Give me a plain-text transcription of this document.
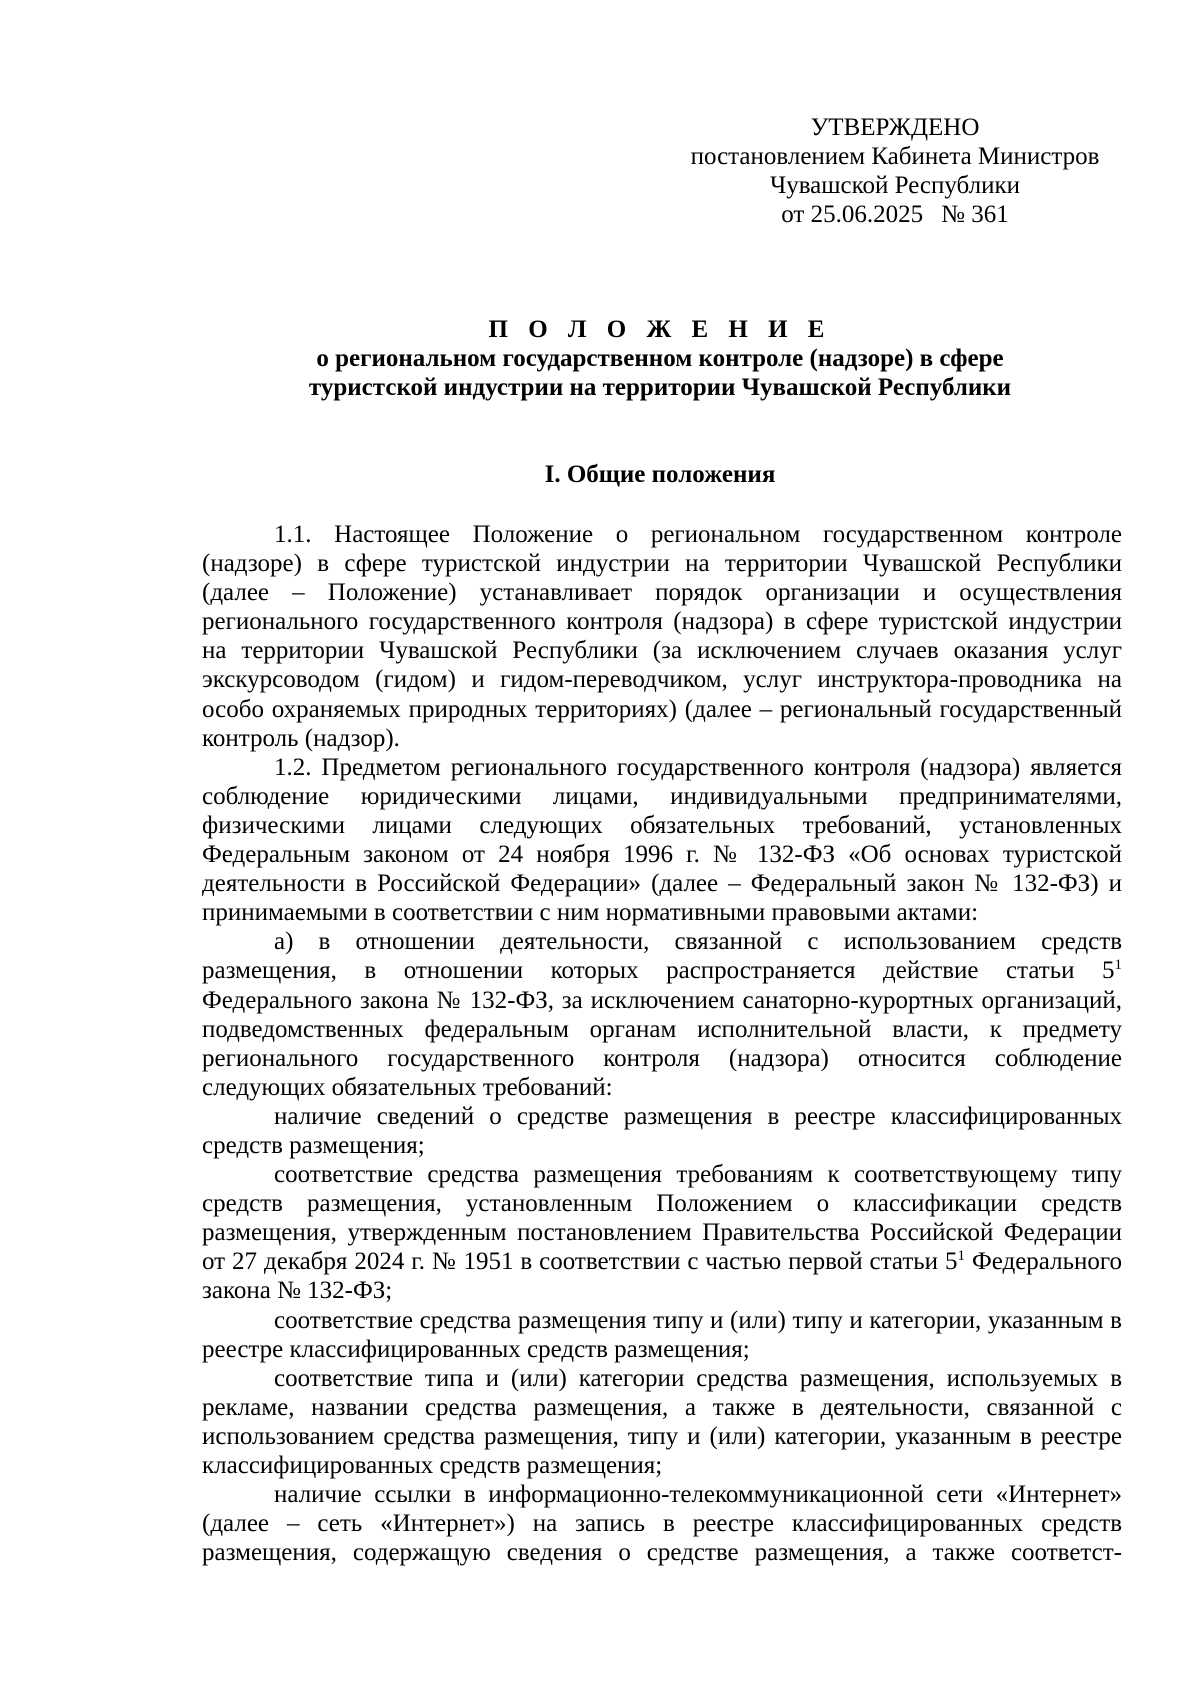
УТВЕРЖДЕНО
постановлением Кабинета Министров
Чувашской Республики
от 25.06.2025 № 361
П О Л О Ж Е Н И Е
о региональном государственном контроле (надзоре) в сфере
туристской индустрии на территории Чувашской Республики
I. Общие положения

1.1. Настоящее Положение о региональном государственном контроле (надзоре) в сфере туристской индустрии на территории Чувашской Республики (далее – Положение) устанавливает порядок организации и осуществления регионального государственного контроля (надзора) в сфере туристской индустрии на территории Чувашской Республики (за исключением случаев оказания услуг экскурсоводом (гидом) и гидом-переводчиком, услуг инструктора-проводника на особо охраняемых природных территориях) (далее – региональный государственный контроль (надзор).

1.2. Предметом регионального государственного контроля (надзора) является соблюдение юридическими лицами, индивидуальными предпринимателями, физическими лицами следующих обязательных требований, установленных Федеральным законом от 24 ноября 1996 г. № 132-ФЗ «Об основах туристской деятельности в Российской Федерации» (далее – Федеральный закон № 132-ФЗ) и принимаемыми в соответствии с ним нормативными правовыми актами:

а) в отношении деятельности, связанной с использованием средств размещения, в отношении которых распространяется действие статьи $5^1$ Федерального закона № 132-ФЗ, за исключением санаторно-курортных организаций, подведомственных федеральным органам исполнительной власти, к предмету регионального государственного контроля (надзора) относится соблюдение следующих обязательных требований:

наличие сведений о средстве размещения в реестре классифицированных средств размещения;

соответствие средства размещения требованиям к соответствующему типу средств размещения, установленным Положением о классификации средств размещения, утвержденным постановлением Правительства Российской Федерации от 27 декабря 2024 г. № 1951 в соответствии с частью первой статьи $5^1$ Федерального закона № 132-ФЗ;

соответствие средства размещения типу и (или) типу и категории, указанным в реестре классифицированных средств размещения;

соответствие типа и (или) категории средства размещения, используемых в рекламе, названии средства размещения, а также в деятельности, связанной с использованием средства размещения, типу и (или) категории, указанным в реестре классифицированных средств размещения;

наличие ссылки в информационно-телекоммуникационной сети «Интернет» (далее – сеть «Интернет») на запись в реестре классифицированных средств размещения, содержащую сведения о средстве размещения, а также соответст-
